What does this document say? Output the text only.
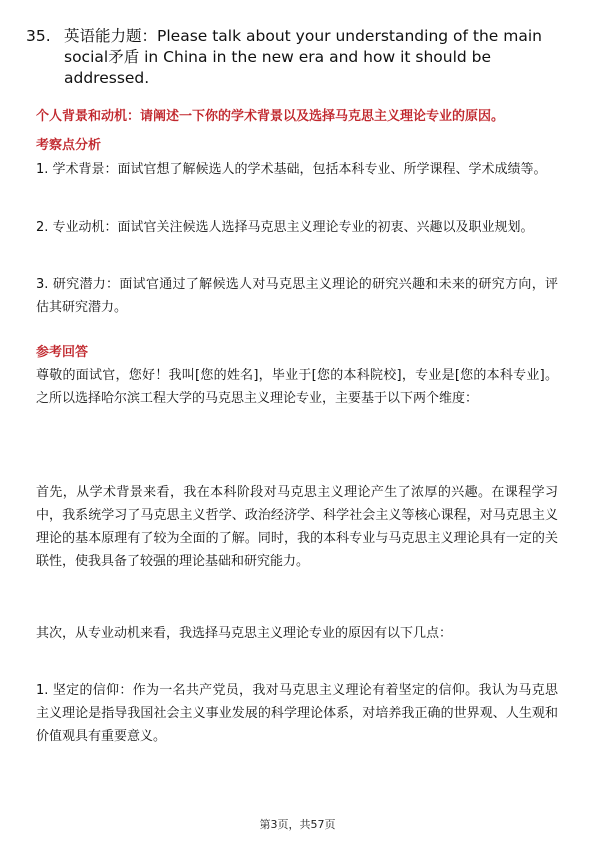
35. 英语能力题：Please talk about your understanding of the main social矛盾 in China in the new era and how it should be addressed.
个人背景和动机：请阐述一下你的学术背景以及选择马克思主义理论专业的原因。
考察点分析
1. 学术背景：面试官想了解候选人的学术基础，包括本科专业、所学课程、学术成绩等。
2. 专业动机：面试官关注候选人选择马克思主义理论专业的初衷、兴趣以及职业规划。
3. 研究潜力：面试官通过了解候选人对马克思主义理论的研究兴趣和未来的研究方向，评估其研究潜力。
参考回答
尊敬的面试官，您好！我叫[您的姓名]，毕业于[您的本科院校]，专业是[您的本科专业]。之所以选择哈尔滨工程大学的马克思主义理论专业，主要基于以下两个维度：
首先，从学术背景来看，我在本科阶段对马克思主义理论产生了浓厚的兴趣。在课程学习中，我系统学习了马克思主义哲学、政治经济学、科学社会主义等核心课程，对马克思主义理论的基本原理有了较为全面的了解。同时，我的本科专业与马克思主义理论具有一定的关联性，使我具备了较强的理论基础和研究能力。
其次，从专业动机来看，我选择马克思主义理论专业的原因有以下几点：
1. 坚定的信仰：作为一名共产党员，我对马克思主义理论有着坚定的信仰。我认为马克思主义理论是指导我国社会主义事业发展的科学理论体系，对培养我正确的世界观、人生观和价值观具有重要意义。
第3页，共57页
